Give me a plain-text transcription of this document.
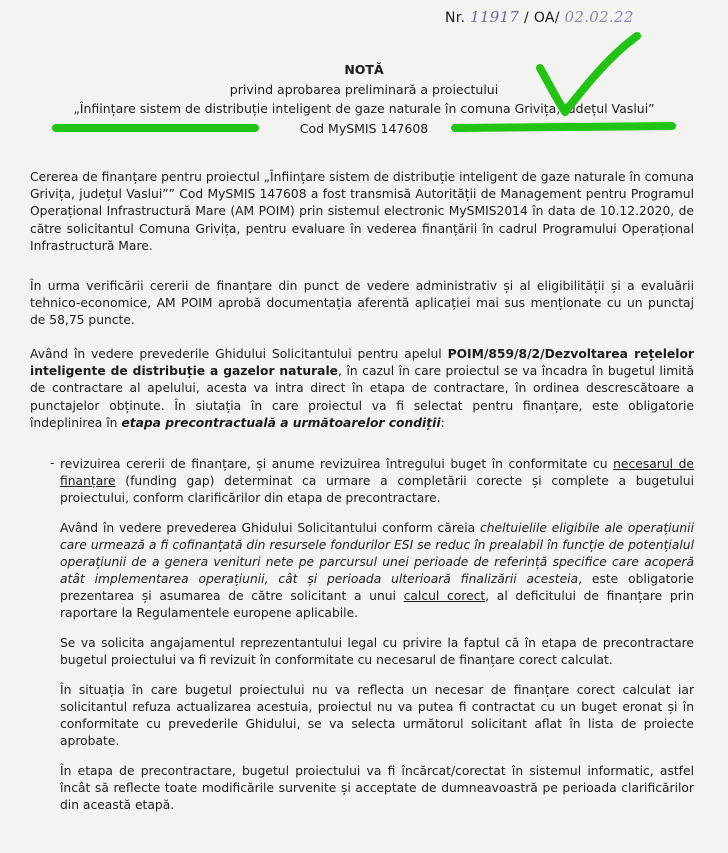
Nr. 11917 / OA/ 02.02.22
NOTĂ
privind aprobarea preliminară a proiectului
„Înființare sistem de distribuție inteligent de gaze naturale în comuna Grivița, județul Vaslui”
Cod MySMIS 147608
Cererea de finanțare pentru proiectul „Înființare sistem de distribuție inteligent de gaze naturale în comuna Grivița, județul Vaslui”” Cod MySMIS 147608 a fost transmisă Autorității de Management pentru Programul Operațional Infrastructură Mare (AM POIM) prin sistemul electronic MySMIS2014 în data de 10.12.2020, de către solicitantul Comuna Grivița, pentru evaluare în vederea finanțării în cadrul Programului Operațional Infrastructură Mare.
În urma verificării cererii de finanțare din punct de vedere administrativ și al eligibilității și a evaluării tehnico-economice, AM POIM aprobă documentația aferentă aplicației mai sus menționate cu un punctaj de 58,75 puncte.
Având în vedere prevederile Ghidului Solicitantului pentru apelul POIM/859/8/2/Dezvoltarea rețelelor inteligente de distribuție a gazelor naturale, în cazul în care proiectul se va încadra în bugetul limită de contractare al apelului, acesta va intra direct în etapa de contractare, în ordinea descrescătoare a punctajelor obținute. În siutația în care proiectul va fi selectat pentru finanțare, este obligatorie îndeplinirea în etapa precontractuală a următoarelor condiții:
- revizuirea cererii de finanțare, și anume revizuirea întregului buget în conformitate cu necesarul de finanțare (funding gap) determinat ca urmare a completării corecte și complete a bugetului proiectului, conform clarificărilor din etapa de precontractare.

Având în vedere prevederea Ghidului Solicitantului conform căreia cheltuielile eligibile ale operațiunii care urmează a fi cofinanțată din resursele fondurilor ESI se reduc în prealabil în funcție de potențialul operațiunii de a genera venituri nete pe parcursul unei perioade de referință specifice care acoperă atât implementarea operațiunii, cât și perioada ulterioară finalizării acesteia, este obligatorie prezentarea și asumarea de către solicitant a unui calcul corect, al deficitului de finanțare prin raportare la Regulamentele europene aplicabile.

Se va solicita angajamentul reprezentantului legal cu privire la faptul că în etapa de precontractare bugetul proiectului va fi revizuit în conformitate cu necesarul de finanțare corect calculat.

În situația în care bugetul proiectului nu va reflecta un necesar de finanțare corect calculat iar solicitantul refuza actualizarea acestuia, proiectul nu va putea fi contractat cu un buget eronat și în conformitate cu prevederile Ghidului, se va selecta următorul solicitant aflat în lista de proiecte aprobate.

În etapa de precontractare, bugetul proiectului va fi încărcat/corectat în sistemul informatic, astfel încât să reflecte toate modificările survenite și acceptate de dumneavoastră pe perioada clarificărilor din această etapă.
